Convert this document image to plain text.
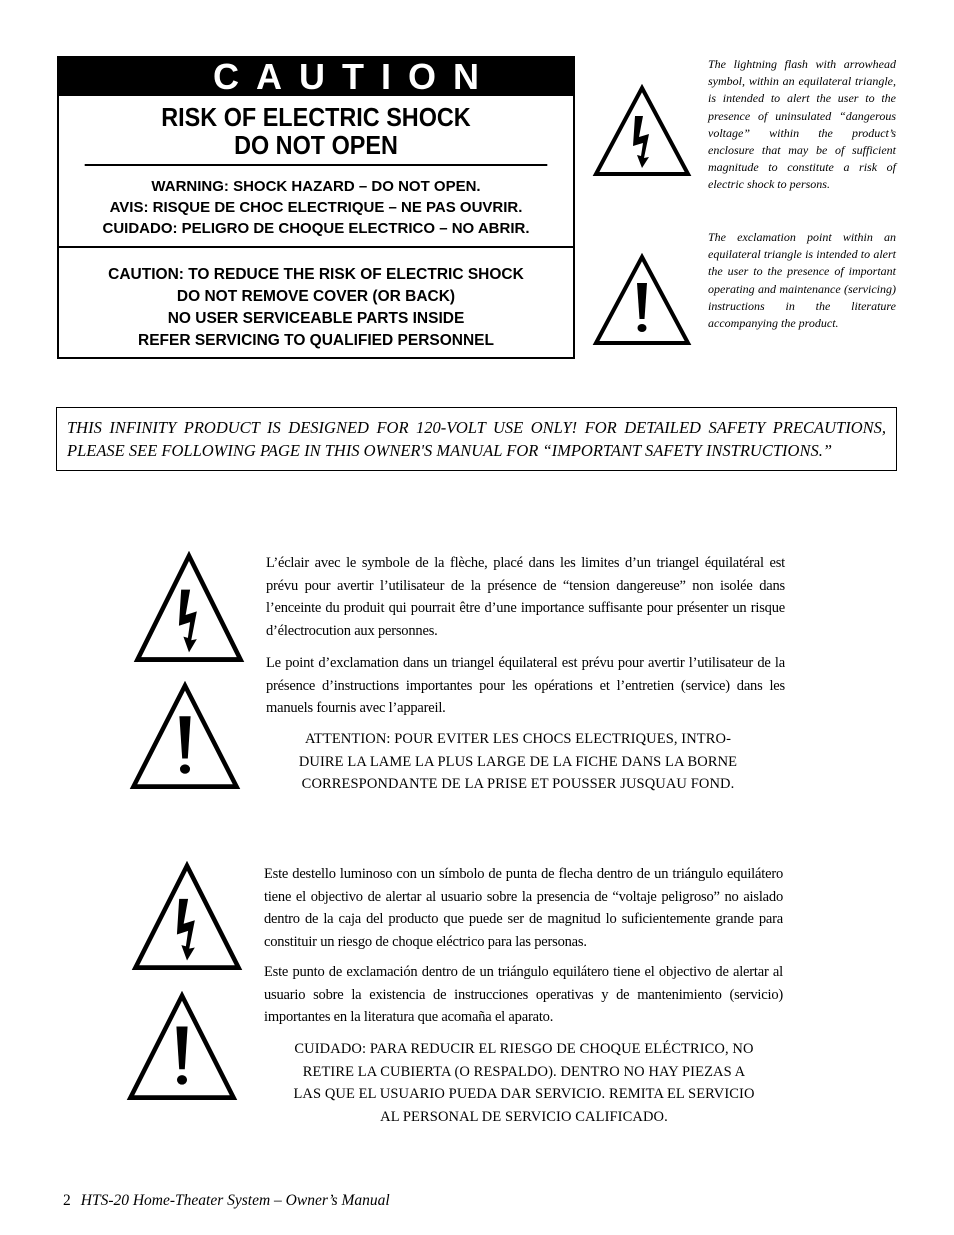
CAUTION
RISK OF ELECTRIC SHOCK
DO NOT OPEN
WARNING: SHOCK HAZARD – DO NOT OPEN.
AVIS: RISQUE DE CHOC ELECTRIQUE – NE PAS OUVRIR.
CUIDADO: PELIGRO DE CHOQUE ELECTRICO – NO ABRIR.
CAUTION: TO REDUCE THE RISK OF ELECTRIC SHOCK
DO NOT REMOVE COVER (OR BACK)
NO USER SERVICEABLE PARTS INSIDE
REFER SERVICING TO QUALIFIED PERSONNEL
The lightning flash with arrowhead symbol, within an equilateral triangle, is intended to alert the user to the presence of uninsulated “dangerous voltage” within the product’s enclosure that may be of sufficient magnitude to constitute a risk of electric shock to persons.
The exclamation point within an equilateral triangle is intended to alert the user to the presence of important operating and maintenance (servicing) instructions in the literature accompanying the product.
THIS INFINITY PRODUCT IS DESIGNED FOR 120-VOLT USE ONLY! FOR DETAILED SAFETY PRECAUTIONS, PLEASE SEE FOLLOWING PAGE IN THIS OWNER'S MANUAL FOR “IMPORTANT SAFETY INSTRUCTIONS.”
L’éclair avec le symbole de la flèche, placé dans les limites d’un triangel équilatéral est prévu pour avertir l’utilisateur de la présence de “tension dangereuse” non isolée dans l’enceinte du produit qui pourrait être d’une importance suffisante pour présenter un risque d’électrocution aux personnes.
Le point d’exclamation dans un triangel équilateral est prévu pour avertir l’utilisateur de la présence d’instructions importantes pour les opérations et l’entretien (service) dans les manuels fournis avec l’appareil.
ATTENTION: POUR EVITER LES CHOCS ELECTRIQUES, INTRO-
DUIRE LA LAME LA PLUS LARGE DE LA FICHE DANS LA BORNE
CORRESPONDANTE DE LA PRISE ET POUSSER JUSQUAU FOND.
Este destello luminoso con un símbolo de punta de flecha dentro de un triángulo equilátero tiene el objectivo de alertar al usuario sobre la presencia de “voltaje peligroso” no aislado dentro de la caja del producto que puede ser de magnitud lo suficientemente grande para constituir un riesgo de choque eléctrico para las personas.
Este punto de exclamación dentro de un triángulo equilátero tiene el objectivo de alertar al usuario sobre la existencia de instrucciones operativas y de mantenimiento (servicio) importantes en la literatura que acomaña el aparato.
CUIDADO: PARA REDUCIR EL RIESGO DE CHOQUE ELÉCTRICO, NO
RETIRE LA CUBIERTA (O RESPALDO). DENTRO NO HAY PIEZAS A
LAS QUE EL USUARIO PUEDA DAR SERVICIO. REMITA EL SERVICIO
AL PERSONAL DE SERVICIO CALIFICADO.
2 HTS-20 Home-Theater System – Owner’s Manual
